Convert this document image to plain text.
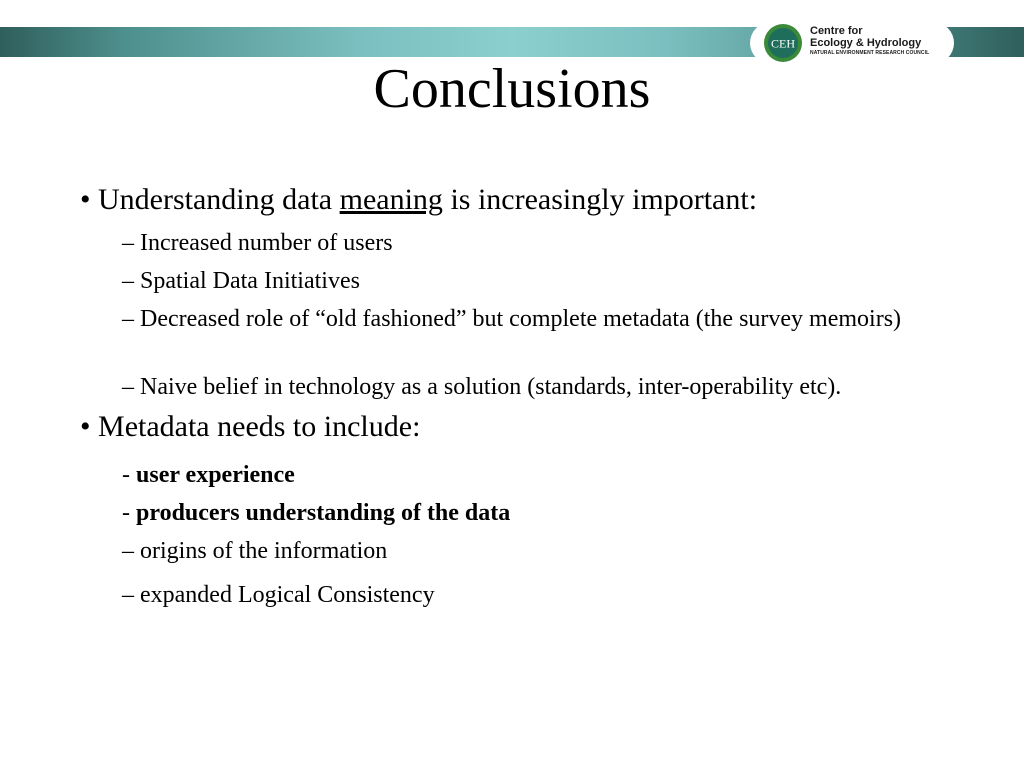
CEH
Centre for
Ecology & Hydrology
NATURAL ENVIRONMENT RESEARCH COUNCIL
Conclusions
• Understanding data meaning is increasingly important:
– Increased number of users
– Spatial Data Initiatives
– Decreased role of “old fashioned” but complete metadata (the survey memoirs)
– Naive belief in technology as a solution (standards, inter-operability etc).
• Metadata needs to include:
- user experience
- producers understanding of the data
– origins of the information
– expanded Logical Consistency
